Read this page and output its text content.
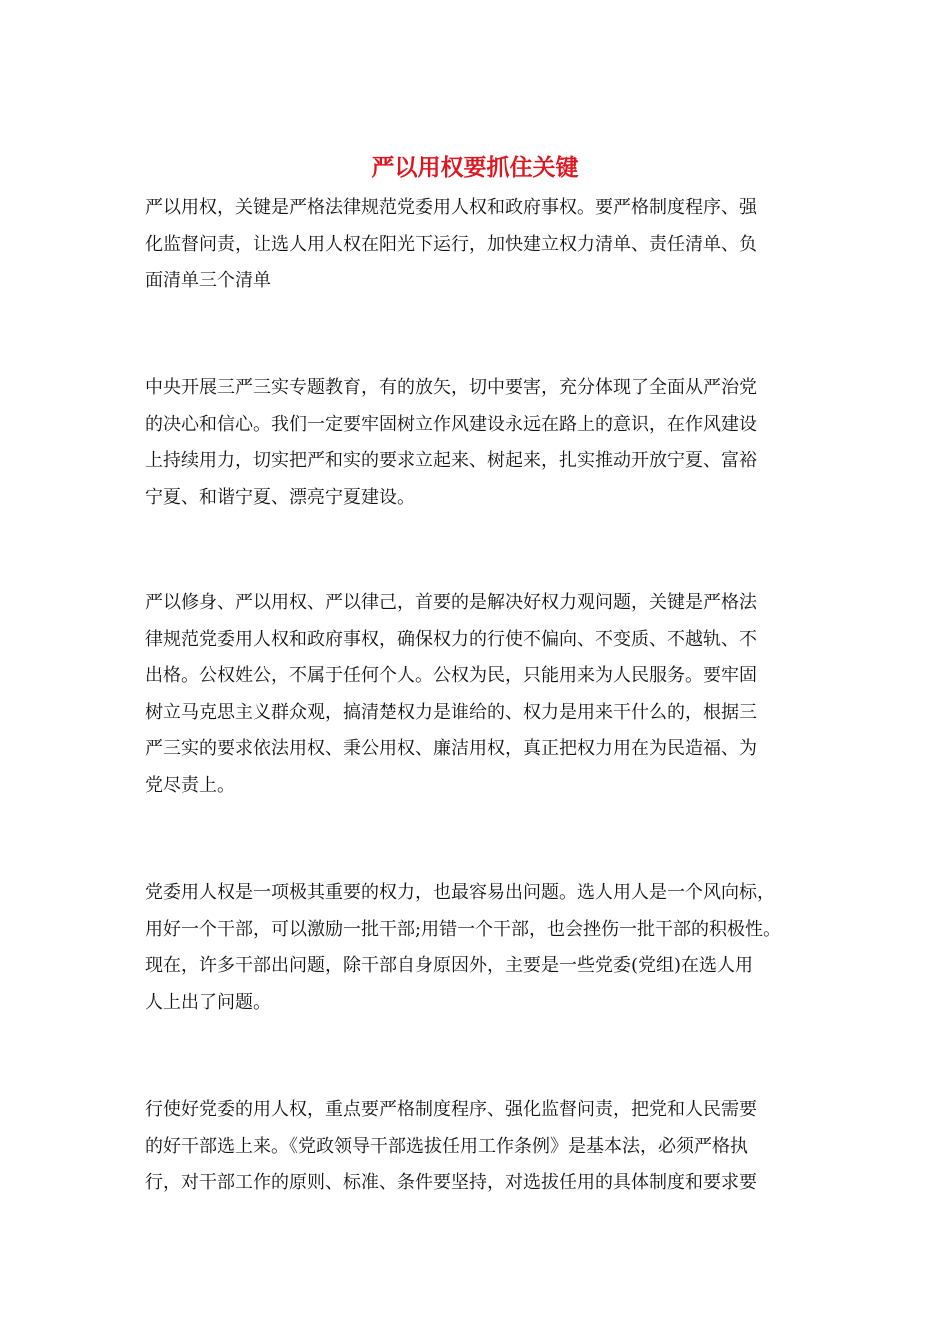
严以用权要抓住关键
严以用权，关键是严格法律规范党委用人权和政府事权。要严格制度程序、强
化监督问责，让选人用人权在阳光下运行，加快建立权力清单、责任清单、负
面清单三个清单
中央开展三严三实专题教育，有的放矢，切中要害，充分体现了全面从严治党
的决心和信心。我们一定要牢固树立作风建设永远在路上的意识，在作风建设
上持续用力，切实把严和实的要求立起来、树起来，扎实推动开放宁夏、富裕
宁夏、和谐宁夏、漂亮宁夏建设。
严以修身、严以用权、严以律己，首要的是解决好权力观问题，关键是严格法
律规范党委用人权和政府事权，确保权力的行使不偏向、不变质、不越轨、不
出格。公权姓公，不属于任何个人。公权为民，只能用来为人民服务。要牢固
树立马克思主义群众观，搞清楚权力是谁给的、权力是用来干什么的，根据三
严三实的要求依法用权、秉公用权、廉洁用权，真正把权力用在为民造福、为
党尽责上。
党委用人权是一项极其重要的权力，也最容易出问题。选人用人是一个风向标，
用好一个干部，可以激励一批干部;用错一个干部，也会挫伤一批干部的积极性。
现在，许多干部出问题，除干部自身原因外，主要是一些党委(党组)在选人用
人上出了问题。
行使好党委的用人权，重点要严格制度程序、强化监督问责，把党和人民需要
的好干部选上来。《党政领导干部选拔任用工作条例》是基本法，必须严格执
行，对干部工作的原则、标准、条件要坚持，对选拔任用的具体制度和要求要
